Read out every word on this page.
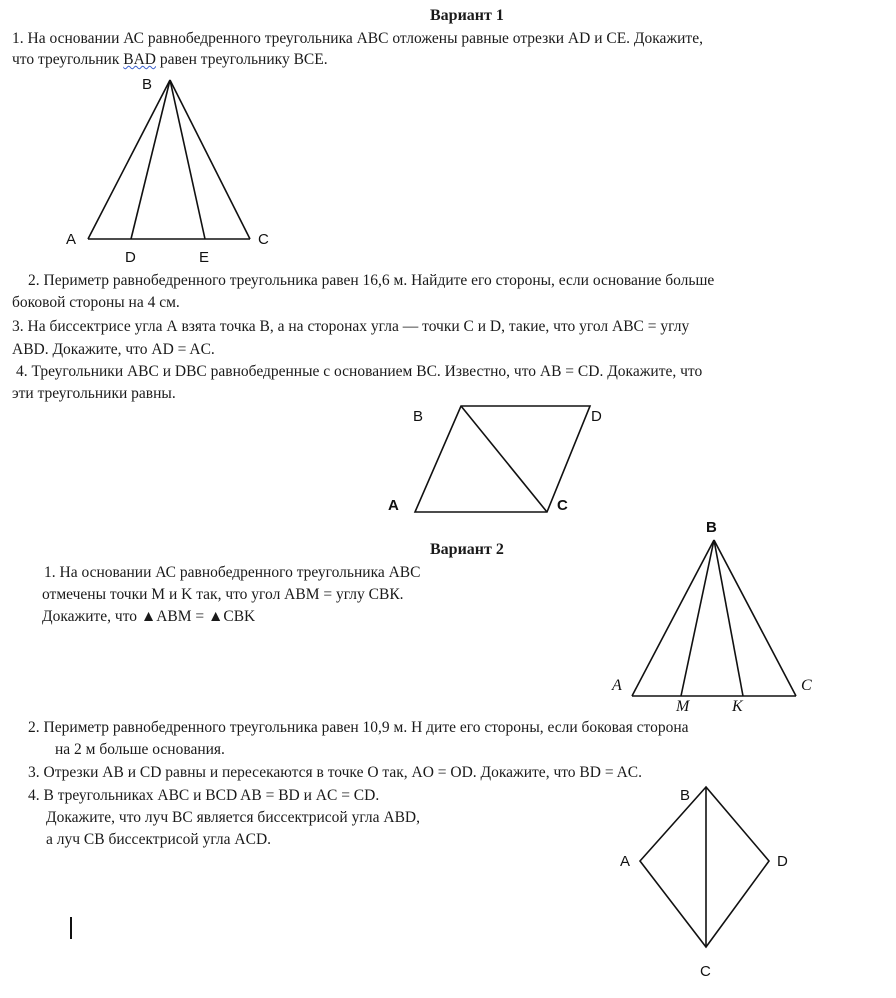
Вариант 1
1. На основании АС равнобедренного треугольника АВС отложены равные отрезки AD и CE. Докажите,
что треугольник BAD равен треугольнику ВСЕ.
2. Периметр равнобедренного треугольника равен 16,6 м. Найдите его стороны, если основание больше
боковой стороны на 4 см.
3. На биссектрисе угла А взята точка В, а на сторонах угла — точки С и D, такие, что угол ABC = углу
ABD. Докажите, что AD = AC.
4. Треугольники АВС и DBC равнобедренные с основанием BC. Известно, что AB = CD. Докажите, что
эти треугольники равны.
Вариант 2
1. На основании АС равнобедренного треугольника АВС
отмечены точки M и K так, что угол ABM = углу СВК.
Докажите, что ▲ABM = ▲CBK
2. Периметр равнобедренного треугольника равен 10,9 м. Н дите его стороны, если боковая сторона
на 2 м больше основания.
3. Отрезки AB и CD равны и пересекаются в точке O так, AO = OD. Докажите, что BD = AC.
4. В треугольниках ABC и BCD AB = BD и AC = CD.
Докажите, что луч BC является биссектрисой угла ABD,
а луч CB биссектрисой угла ACD.
B
A	C
D	E
B	D
A	C
B
A	C
M	K
B
A	D
C
